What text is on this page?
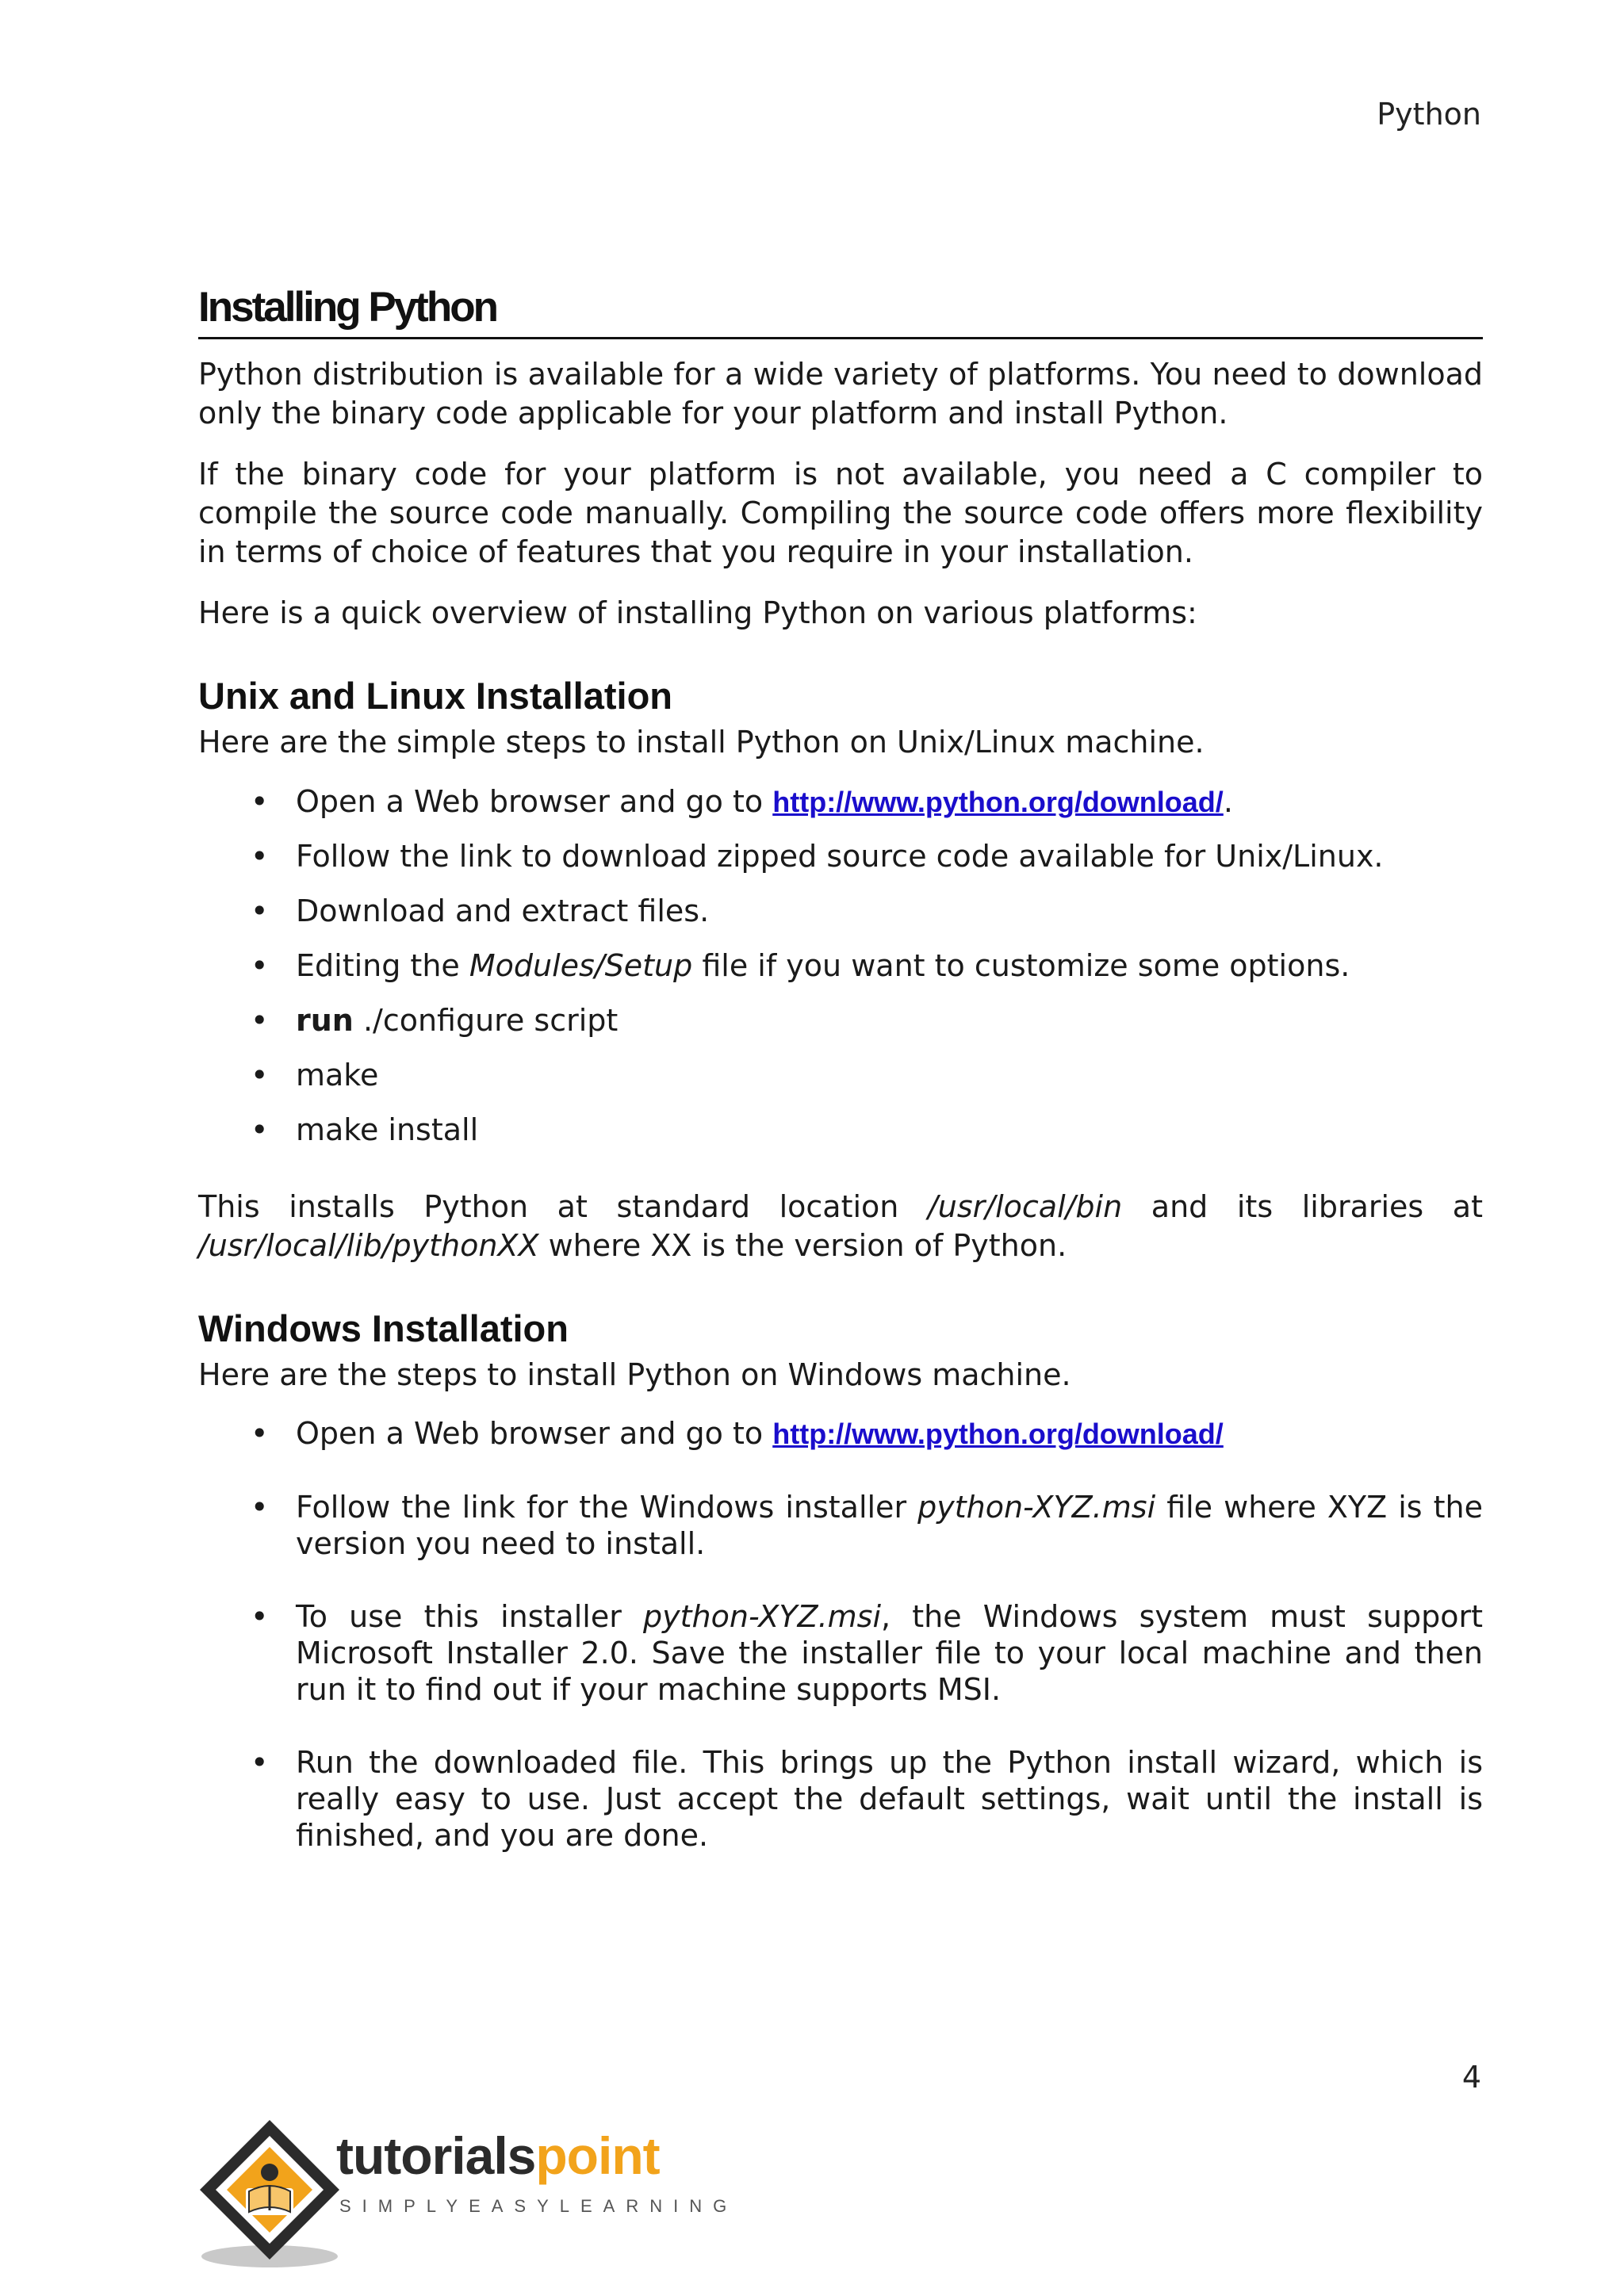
Python
Installing Python

Python distribution is available for a wide variety of platforms. You need to download only the binary code applicable for your platform and install Python.

If the binary code for your platform is not available, you need a C compiler to compile the source code manually. Compiling the source code offers more flexibility in terms of choice of features that you require in your installation.

Here is a quick overview of installing Python on various platforms:

Unix and Linux Installation

Here are the simple steps to install Python on Unix/Linux machine.

• Open a Web browser and go to http://www.python.org/download/.
• Follow the link to download zipped source code available for Unix/Linux.
• Download and extract files.
• Editing the Modules/Setup file if you want to customize some options.
• run ./configure script
• make
• make install

This installs Python at standard location /usr/local/bin and its libraries at /usr/local/lib/pythonXX where XX is the version of Python.

Windows Installation

Here are the steps to install Python on Windows machine.

• Open a Web browser and go to http://www.python.org/download/
• Follow the link for the Windows installer python-XYZ.msi file where XYZ is the version you need to install.
• To use this installer python-XYZ.msi, the Windows system must support Microsoft Installer 2.0. Save the installer file to your local machine and then run it to find out if your machine supports MSI.
• Run the downloaded file. This brings up the Python install wizard, which is really easy to use. Just accept the default settings, wait until the install is finished, and you are done.
4
tutorialspoint
SIMPLYEASYLEARNING
